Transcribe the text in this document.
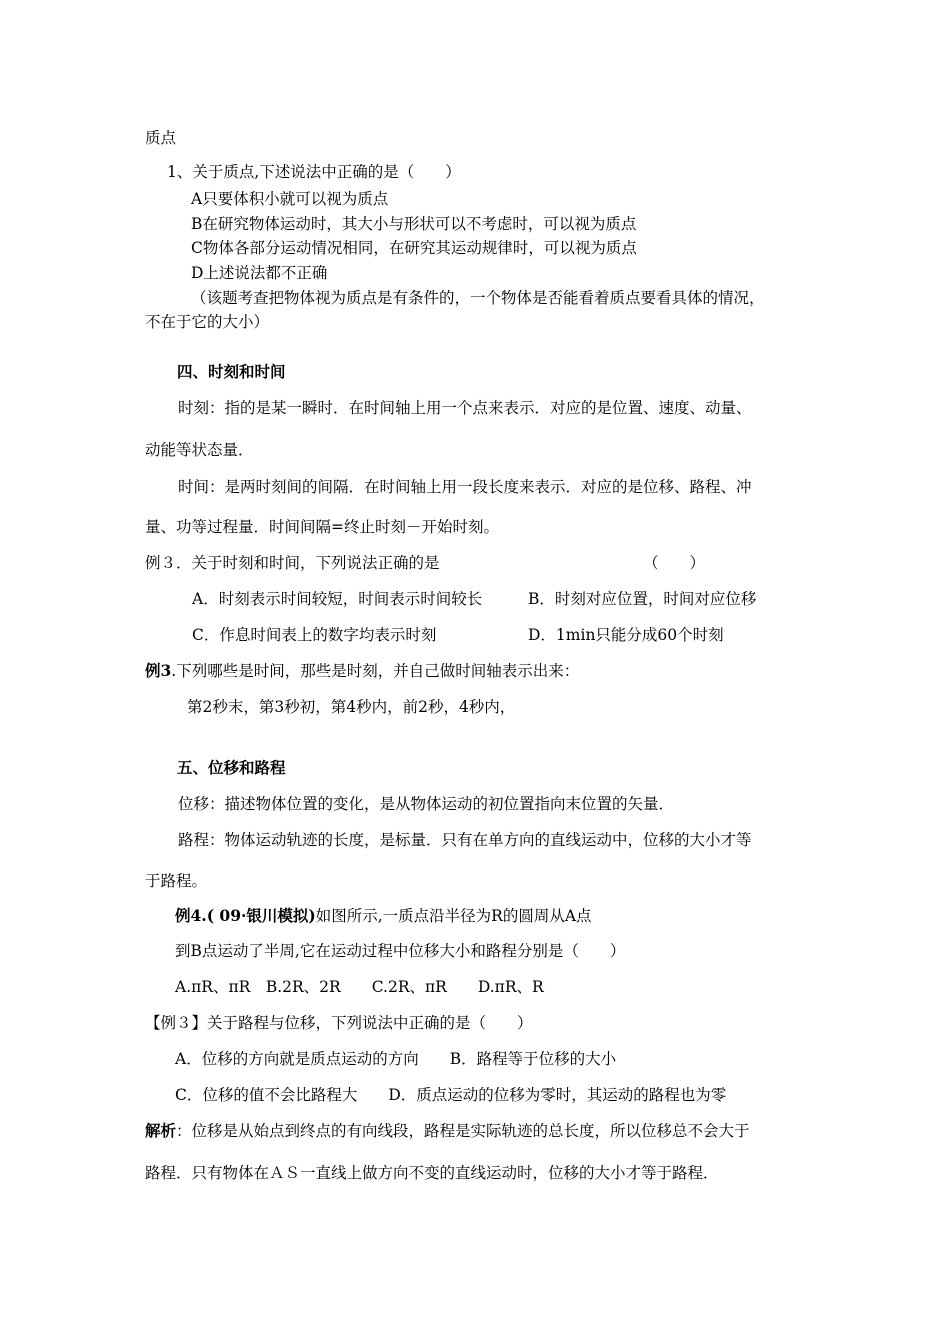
质点
1、关于质点,下述说法中正确的是（　　）
A只要体积小就可以视为质点
B在研究物体运动时，其大小与形状可以不考虑时，可以视为质点
C物体各部分运动情况相同，在研究其运动规律时，可以视为质点
D上述说法都不正确
（该题考查把物体视为质点是有条件的，一个物体是否能看着质点要看具体的情况，
不在于它的大小）
四、时刻和时间
时刻：指的是某一瞬时．在时间轴上用一个点来表示．对应的是位置、速度、动量、
动能等状态量．
时间：是两时刻间的间隔．在时间轴上用一段长度来表示．对应的是位移、路程、冲
量、功等过程量．时间间隔=终止时刻－开始时刻。
例３．关于时刻和时间，下列说法正确的是	（　　）
A．时刻表示时间较短，时间表示时间较长	B．时刻对应位置，时间对应位移
C．作息时间表上的数字均表示时刻	D．1min只能分成60个时刻
例3.下列哪些是时间，那些是时刻，并自己做时间轴表示出来：
第2秒末，第3秒初，第4秒内，前2秒，4秒内，
五、位移和路程
位移：描述物体位置的变化，是从物体运动的初位置指向末位置的矢量．
路程：物体运动轨迹的长度，是标量．只有在单方向的直线运动中，位移的大小才等
于路程。
例4.( 09·银川模拟)如图所示,一质点沿半径为R的圆周从A点
到B点运动了半周,它在运动过程中位移大小和路程分别是（　　）
A.πR、πR　B.2R、2R　　C.2R、πR　　D.πR、R
【例３】关于路程与位移，下列说法中正确的是（　　）
A．位移的方向就是质点运动的方向　　B．路程等于位移的大小
C．位移的值不会比路程大　　D．质点运动的位移为零时，其运动的路程也为零
解析：位移是从始点到终点的有向线段，路程是实际轨迹的总长度，所以位移总不会大于
路程．只有物体在ＡＳ一直线上做方向不变的直线运动时，位移的大小才等于路程．
